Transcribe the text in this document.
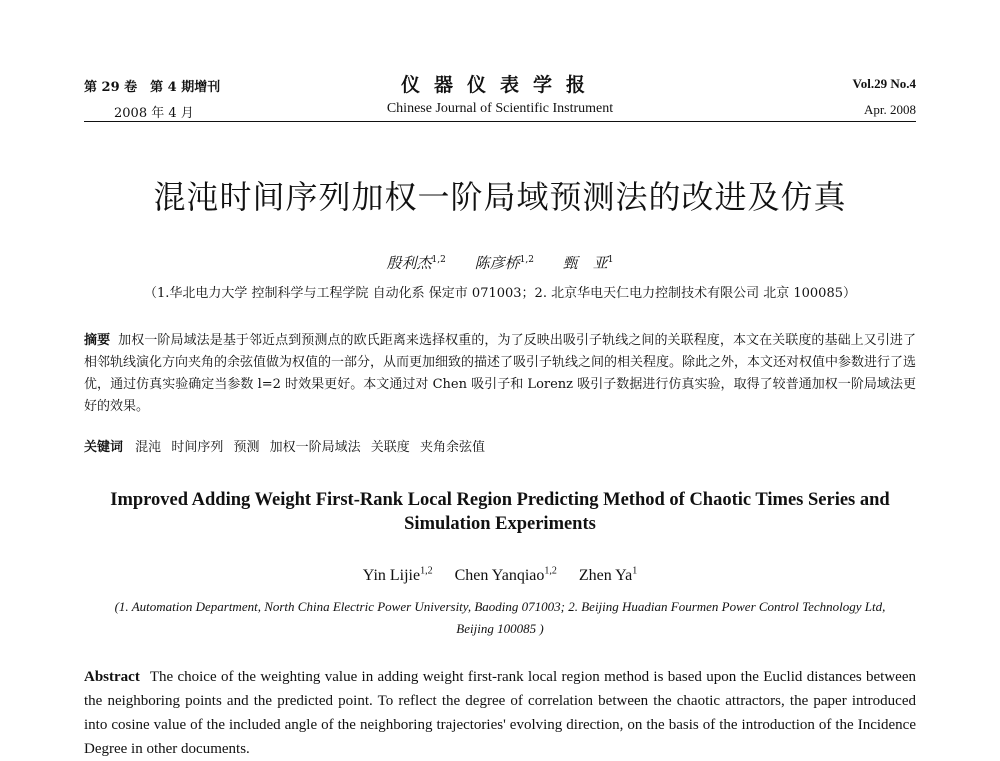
第 29 卷　第 4 期增刊
2008 年 4 月
仪器仪表学报
Chinese Journal of Scientific Instrument
Vol.29 No.4
Apr. 2008
混沌时间序列加权一阶局域预测法的改进及仿真
殷利杰$^{1,2}$ 陈彦桥$^{1,2}$ 甄　亚$^1$
（1.华北电力大学 控制科学与工程学院 自动化系 保定市 071003；2. 北京华电天仁电力控制技术有限公司 北京 100085）
摘要 加权一阶局域法是基于邻近点到预测点的欧氏距离来选择权重的，为了反映出吸引子轨线之间的关联程度，本文在关联度的基础上又引进了相邻轨线演化方向夹角的余弦值做为权值的一部分，从而更加细致的描述了吸引子轨线之间的相关程度。除此之外，本文还对权值中参数进行了选优，通过仿真实验确定当参数 l=2 时效果更好。本文通过对 Chen 吸引子和 Lorenz 吸引子数据进行仿真实验，取得了较普通加权一阶局域法更好的效果。
关键词 混沌 时间序列 预测 加权一阶局域法 关联度 夹角余弦值
Improved Adding Weight First-Rank Local Region Predicting Method of Chaotic Times Series and Simulation Experiments
Yin Lijie$^{1,2}$ Chen Yanqiao$^{1,2}$ Zhen Ya$^1$
(1. Automation Department, North China Electric Power University, Baoding 071003; 2. Beijing Huadian Fourmen Power Control Technology Ltd, Beijing 100085 )
Abstract The choice of the weighting value in adding weight first-rank local region method is based upon the Euclid distances between the neighboring points and the predicted point. To reflect the degree of correlation between the chaotic attractors, the paper introduced into cosine value of the included angle of the neighboring trajectories' evolving direction, on the basis of the introduction of the Incidence Degree in other documents.
